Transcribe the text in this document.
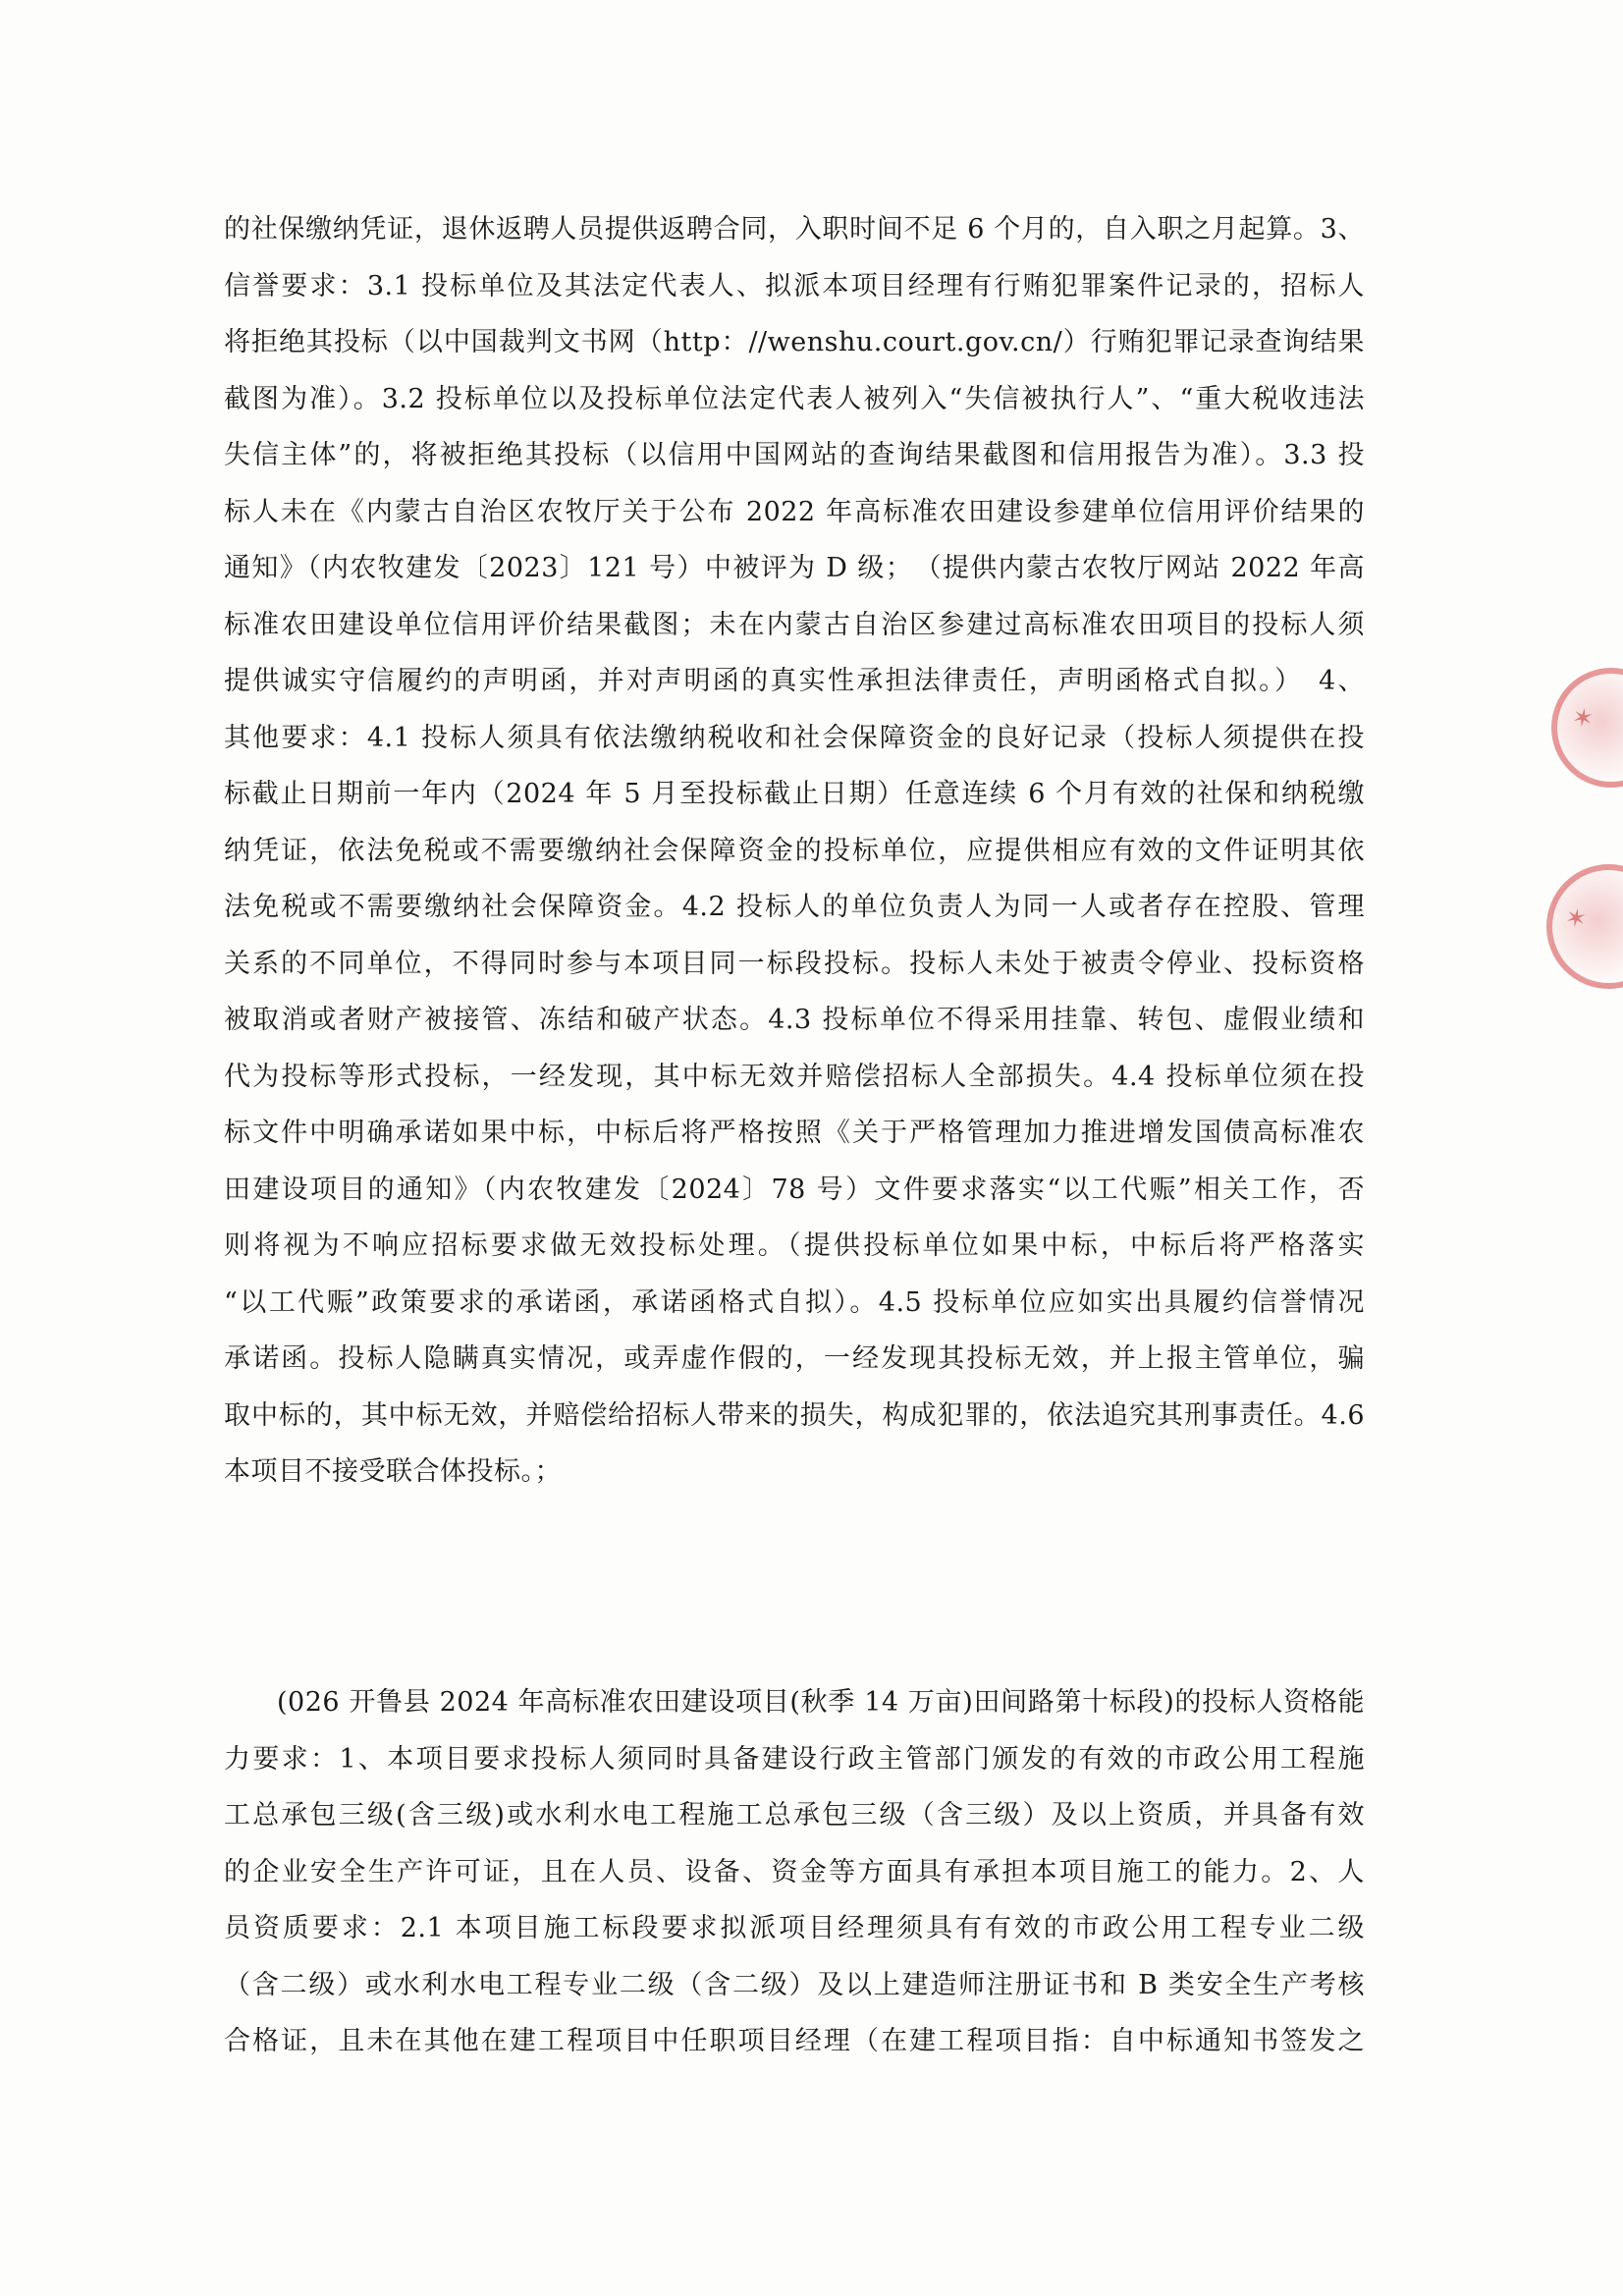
的社保缴纳凭证，退休返聘人员提供返聘合同，入职时间不足 6 个月的，自入职之月起算。3、
信誉要求：3.1 投标单位及其法定代表人、拟派本项目经理有行贿犯罪案件记录的，招标人
将拒绝其投标（以中国裁判文书网（http：//wenshu.court.gov.cn/）行贿犯罪记录查询结果
截图为准）。3.2 投标单位以及投标单位法定代表人被列入“失信被执行人”、“重大税收违法
失信主体”的，将被拒绝其投标（以信用中国网站的查询结果截图和信用报告为准）。3.3 投
标人未在《内蒙古自治区农牧厅关于公布 2022 年高标准农田建设参建单位信用评价结果的
通知》（内农牧建发〔2023〕121 号）中被评为 D 级；　（提供内蒙古农牧厅网站 2022 年高
标准农田建设单位信用评价结果截图；未在内蒙古自治区参建过高标准农田项目的投标人须
提供诚实守信履约的声明函，并对声明函的真实性承担法律责任，声明函格式自拟。）　4、
其他要求：4.1 投标人须具有依法缴纳税收和社会保障资金的良好记录（投标人须提供在投
标截止日期前一年内（2024 年 5 月至投标截止日期）任意连续 6 个月有效的社保和纳税缴
纳凭证，依法免税或不需要缴纳社会保障资金的投标单位，应提供相应有效的文件证明其依
法免税或不需要缴纳社会保障资金。4.2 投标人的单位负责人为同一人或者存在控股、管理
关系的不同单位，不得同时参与本项目同一标段投标。投标人未处于被责令停业、投标资格
被取消或者财产被接管、冻结和破产状态。4.3 投标单位不得采用挂靠、转包、虚假业绩和
代为投标等形式投标，一经发现，其中标无效并赔偿招标人全部损失。4.4 投标单位须在投
标文件中明确承诺如果中标，中标后将严格按照《关于严格管理加力推进增发国债高标准农
田建设项目的通知》（内农牧建发〔2024〕78 号）文件要求落实“以工代赈”相关工作，否
则将视为不响应招标要求做无效投标处理。（提供投标单位如果中标，中标后将严格落实
“以工代赈”政策要求的承诺函，承诺函格式自拟）。4.5 投标单位应如实出具履约信誉情况
承诺函。投标人隐瞒真实情况，或弄虚作假的，一经发现其投标无效，并上报主管单位，骗
取中标的，其中标无效，并赔偿给招标人带来的损失，构成犯罪的，依法追究其刑事责任。4.6
本项目不接受联合体投标。；
(026 开鲁县 2024 年高标准农田建设项目(秋季 14 万亩)田间路第十标段)的投标人资格能
力要求：1、本项目要求投标人须同时具备建设行政主管部门颁发的有效的市政公用工程施
工总承包三级(含三级)或水利水电工程施工总承包三级（含三级）及以上资质，并具备有效
的企业安全生产许可证，且在人员、设备、资金等方面具有承担本项目施工的能力。2、人
员资质要求：2.1 本项目施工标段要求拟派项目经理须具有有效的市政公用工程专业二级
（含二级）或水利水电工程专业二级（含二级）及以上建造师注册证书和 B 类安全生产考核
合格证，且未在其他在建工程项目中任职项目经理（在建工程项目指：自中标通知书签发之
✶
✶
